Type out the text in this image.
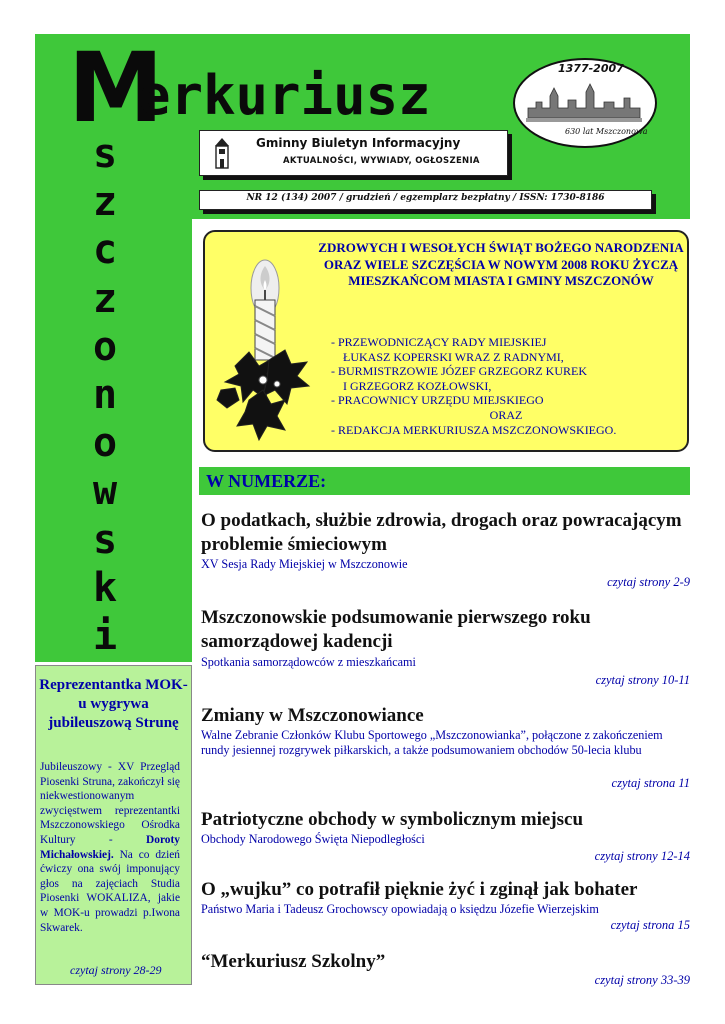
M
erkuriusz
s
z
c
z
o
n
o
w
s
k
i
1377-2007
630 lat Mszczonowa
Gminny Biuletyn Informacyjny
AKTUALNOŚCI, WYWIADY, OGŁOSZENIA
NR 12 (134) 2007 / grudzień / egzemplarz bezpłatny / ISSN: 1730-8186
ZDROWYCH I WESOŁYCH ŚWIĄT BOŻEGO NARODZENIA ORAZ WIELE SZCZĘŚCIA W NOWYM 2008 ROKU ŻYCZĄ MIESZKAŃCOM MIASTA I GMINY MSZCZONÓW
- PRZEWODNICZĄCY RADY MIEJSKIEJ
ŁUKASZ KOPERSKI WRAZ Z RADNYMI,
- BURMISTRZOWIE JÓZEF GRZEGORZ KUREK
I GRZEGORZ KOZŁOWSKI,
- PRACOWNICY URZĘDU MIEJSKIEGO
ORAZ
- REDAKCJA MERKURIUSZA MSZCZONOWSKIEGO.
W NUMERZE:
O podatkach, służbie zdrowia, drogach oraz powracającym problemie śmieciowym
XV Sesja Rady Miejskiej w Mszczonowie
czytaj strony 2-9
Mszczonowskie podsumowanie pierwszego roku samorządowej kadencji
Spotkania samorządowców z mieszkańcami
czytaj strony 10-11
Zmiany w Mszczonowiance
Walne Zebranie Członków Klubu Sportowego „Mszczonowianka”, połączone z zakończeniem rundy jesiennej rozgrywek piłkarskich, a także podsumowaniem obchodów 50-lecia klubu
czytaj strona 11
Patriotyczne obchody w symbolicznym miejscu
Obchody Narodowego Święta Niepodległości
czytaj strony 12-14
O „wujku” co potrafił pięknie żyć i zginął jak bohater
Państwo Maria i Tadeusz Grochowscy opowiadają o księdzu Józefie Wierzejskim
czytaj strona 15
“Merkuriusz Szkolny”
czytaj strony 33-39
Reprezentantka MOK-u wygrywa jubileuszową Strunę
Jubileuszowy - XV Przegląd Piosenki Struna, zakończył się niekwestionowanym zwycięstwem reprezentantki Mszczonowskiego Ośrodka Kultury - Doroty Michałowskiej. Na co dzień ćwiczy ona swój imponujący głos na zajęciach Studia Piosenki WOKALIZA, jakie w MOK-u prowadzi p.Iwona Skwarek.
czytaj strony 28-29
